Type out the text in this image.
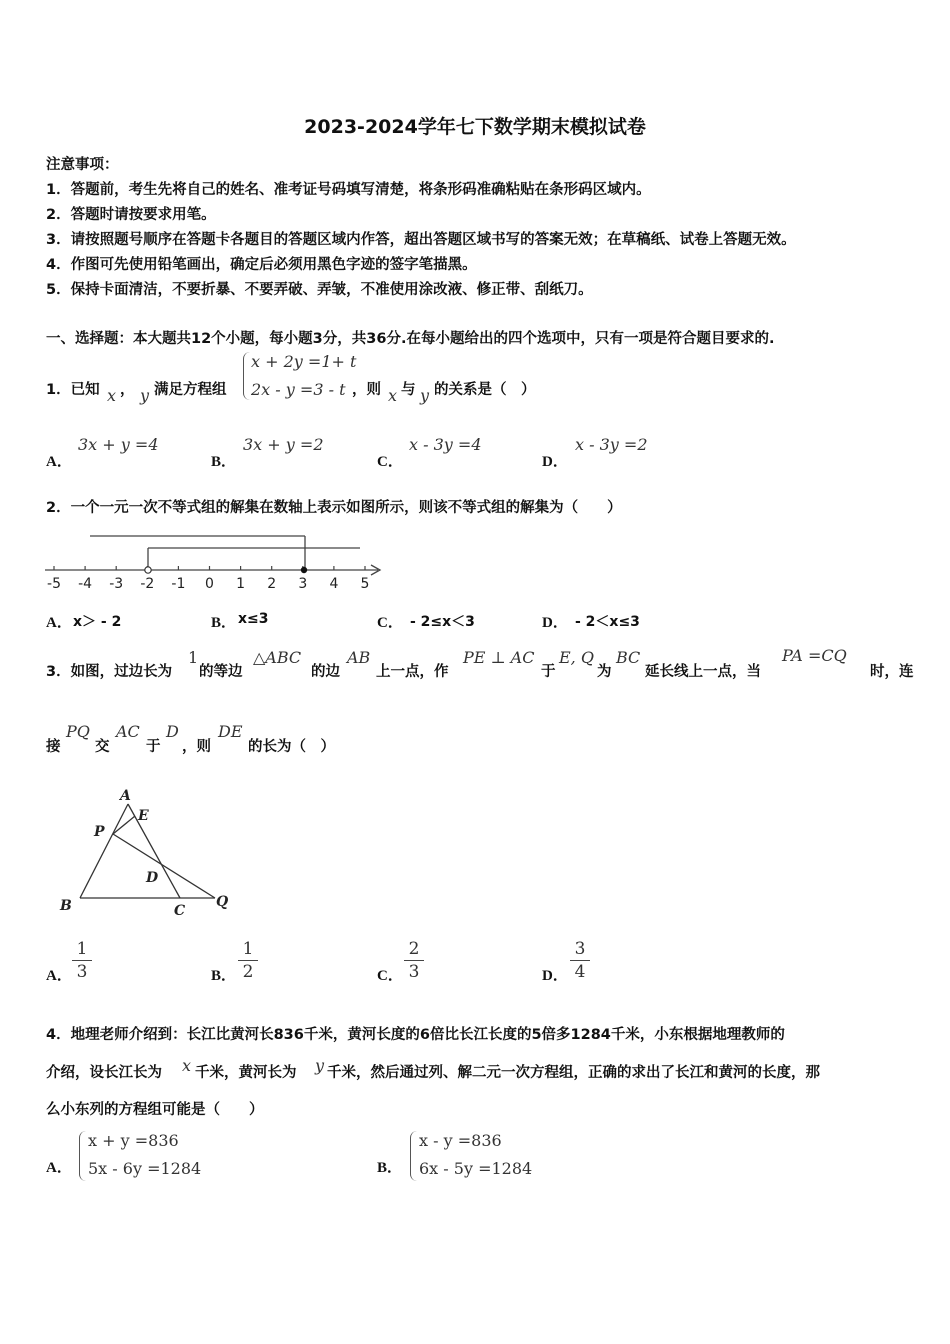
2023-2024学年七下数学期末模拟试卷
注意事项：
1．答题前，考生先将自己的姓名、准考证号码填写清楚，将条形码准确粘贴在条形码区域内。
2．答题时请按要求用笔。
3．请按照题号顺序在答题卡各题目的答题区域内作答，超出答题区域书写的答案无效；在草稿纸、试卷上答题无效。
4．作图可先使用铅笔画出，确定后必须用黑色字迹的签字笔描黑。
5．保持卡面清洁，不要折暴、不要弄破、弄皱，不准使用涂改液、修正带、刮纸刀。
一、选择题：本大题共12个小题，每小题3分，共36分.在每小题给出的四个选项中，只有一项是符合题目要求的.
1．已知 x ， y 满足方程组
x + 2y =1+ t
2x - y =3 - t ，则 x 与 y 的关系是（　）
A．
3x + y =4
B．
3x + y =2
C．
x - 3y =4
D．
x - 3y =2
2．一个一元一次不等式组的解集在数轴上表示如图所示，则该不等式组的解集为（　　）
-5 -4 -3 -2 -1 0 1 2 3 4 5
A． x＞ - 2	B． x≤3	C． - 2≤x＜3	D． - 2＜x≤3
3．如图，过边长为
1
的等边
△ABC
的边
AB
上一点，作
PE ⊥ AC
于
E, Q
为
BC
延长线上一点，当
PA =CQ
时，连
接
PQ
交
AC
于
D
，则
DE
的长为（　）
A
E
P
D
B	C
Q
A． $\frac{1}{3}$	B． $\frac{1}{2}$	C． $\frac{2}{3}$	D． $\frac{3}{4}$
4．地理老师介绍到：长江比黄河长836千米，黄河长度的6倍比长江长度的5倍多1284千米，小东根据地理教师的
介绍，设长江长为 x 千米，黄河长为 y 千米，然后通过列、解二元一次方程组，正确的求出了长江和黄河的长度，那
么小东列的方程组可能是（　　）
A．
x + y =836
5x - 6y =1284	B．
x - y =836
6x - 5y =1284
